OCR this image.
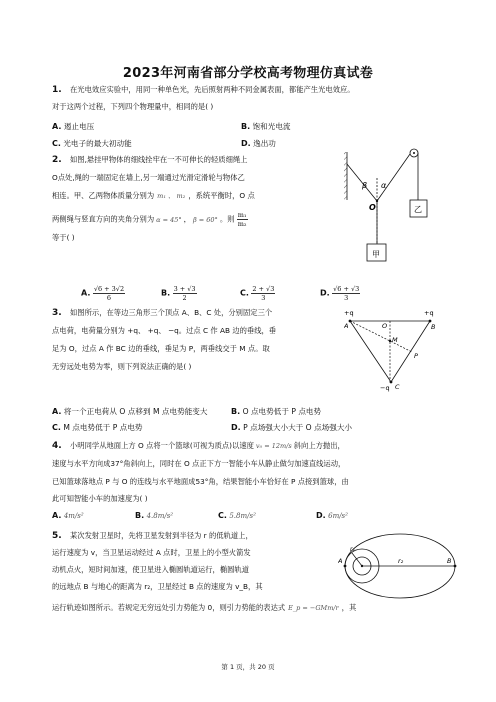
2023年河南省部分学校高考物理仿真试卷
1. 在光电效应实验中，用同一种单色光，先后照射两种不同金属表面，都能产生光电效应。
对于这两个过程，下列四个物理量中，相同的是( )
A. 遏止电压	B. 饱和光电流
C. 光电子的最大初动能	D. 逸出功
2. 如图,悬挂甲物体的细线拴牢在一不可伸长的轻质细绳上
O点处,绳的一端固定在墙上,另一端通过光滑定滑轮与物体乙
相连。甲、乙两物体质量分别为 m₁ 、 m₂ ，系统平衡时，O 点
两侧绳与竖直方向的夹角分别为 α = 45° ， β = 60° 。则 $\frac{\text{m₁}}{\text{m₂}}$
等于( )
A. $\frac{√6 + 3√2}{6}$	B. $\frac{3 + √3}{2}$	C. $\frac{2 + √3}{3}$	D. $\frac{√6 + √3}{3}$
β α
O
甲
乙
3. 如图所示，在等边三角形三个顶点 A、B、C 处，分别固定三个
点电荷，电荷量分别为 +q、 +q、 −q。过点 C 作 AB 边的垂线，垂
足为 O，过点 A 作 BC 边的垂线，垂足为 P，两垂线交于 M 点。取
无穷远处电势为零，则下列说法正确的是( )
+q	+q
−q
A	B
C
O
M
P
A. 将一个正电荷从 O 点移到 M 点电势能变大	B. O 点电势低于 P 点电势
C. M 点电势低于 P 点电势	D. P 点场强大小大于 O 点场强大小
4. 小明同学从地面上方 O 点将一个篮球(可视为质点)以速度 v₀ = 12m/s 斜向上方抛出，
速度与水平方向成37°角斜向上，同时在 O 点正下方一智能小车从静止做匀加速直线运动，
已知篮球落地点 P 与 O 的连线与水平地面成53°角，结果智能小车恰好在 P 点接到篮球，由
此可知智能小车的加速度为( )
A. 4m/s²	B. 4.8m/s²	C. 5.8m/s²	D. 6m/s²
5. 某次发射卫星时，先将卫星发射到半径为 r 的低轨道上，
运行速度为 v，当卫星运动经过 A 点时，卫星上的小型火箭发
动机点火，短时间加速，使卫星进入椭圆轨道运行，椭圆轨道
的远地点 B 与地心的距离为 r₂，卫星经过 B 点的速度为 v_B，其
运行轨迹如图所示。若规定无穷远处引力势能为 0，则引力势能的表达式 E_p = −GMm/r ，其
A	B
r₁
r₂
第 1 页，共 20 页
